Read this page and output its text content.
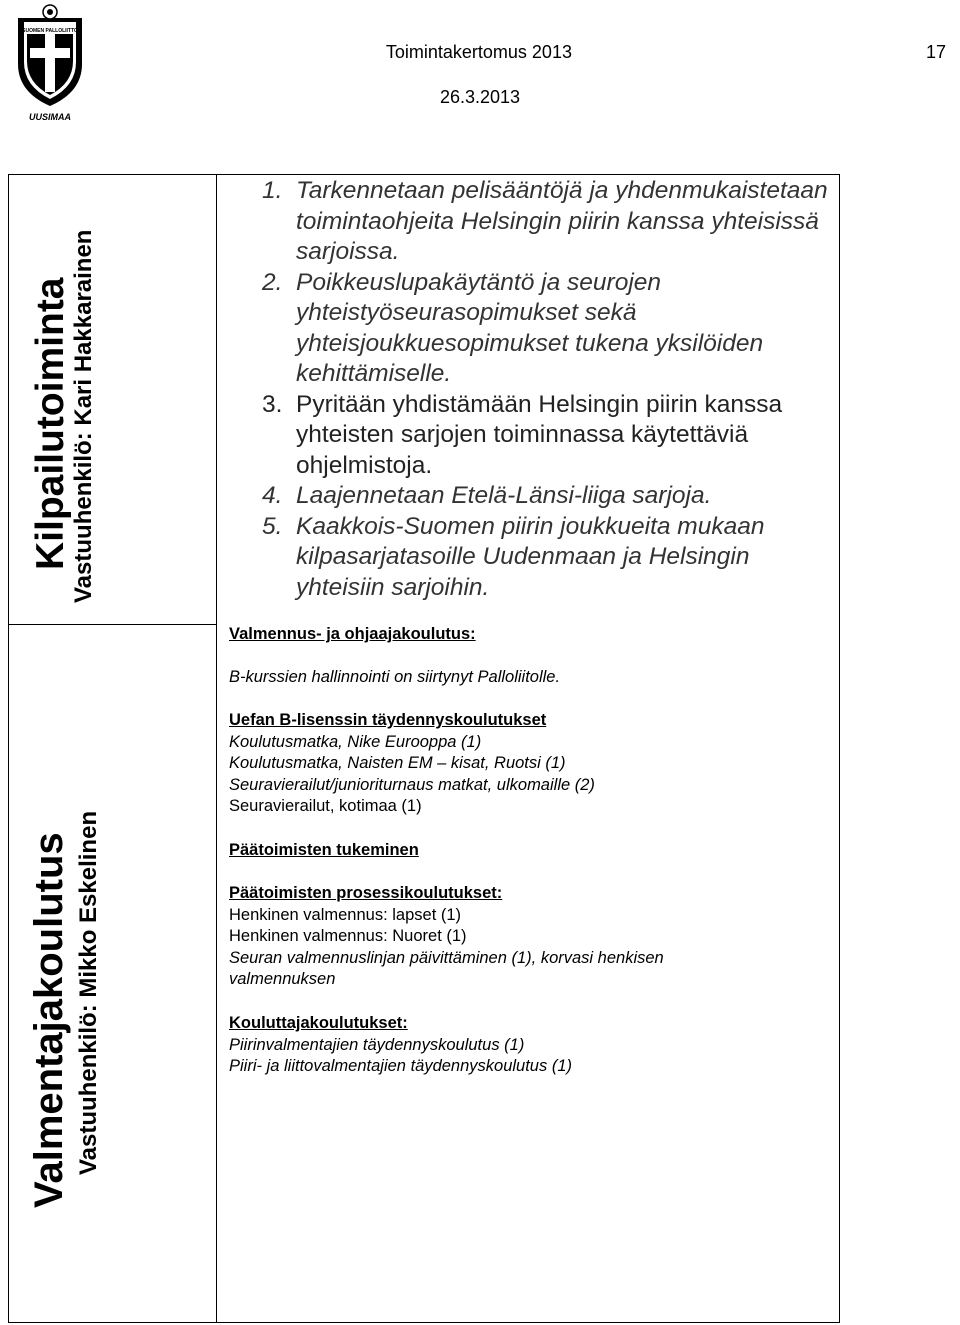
SUOMEN PALLOLIITTO
UUSIMAA
Toimintakertomus 2013	17
26.3.2013
Kilpailutoiminta
Vastuuhenkilö: Kari Hakkarainen
Valmentajakoulutus Vastuuhenkilö: Mikko Eskelinen
1. Tarkennetaan pelisääntöjä ja yhdenmukaistetaan toimintaohjeita Helsingin piirin kanssa yhteisissä sarjoissa.
2. Poikkeuslupakäytäntö ja seurojen yhteistyöseurasopimukset sekä yhteisjoukkuesopimukset tukena yksilöiden kehittämiselle.
3. Pyritään yhdistämään Helsingin piirin kanssa yhteisten sarjojen toiminnassa käytettäviä ohjelmistoja.
4. Laajennetaan Etelä-Länsi-liiga sarjoja.
5. Kaakkois-Suomen piirin joukkueita mukaan kilpasarjatasoille Uudenmaan ja Helsingin yhteisiin sarjoihin.
Valmennus- ja ohjaajakoulutus:
B-kurssien hallinnointi on siirtynyt Palloliitolle.
Uefan B-lisenssin täydennyskoulutukset
Koulutusmatka, Nike Eurooppa (1)
Koulutusmatka, Naisten EM – kisat, Ruotsi (1)
Seuravierailut/junioriturnaus matkat, ulkomaille (2)
Seuravierailut, kotimaa (1)
Päätoimisten tukeminen
Päätoimisten prosessikoulutukset:
Henkinen valmennus: lapset (1)
Henkinen valmennus: Nuoret (1)
Seuran valmennuslinjan päivittäminen (1), korvasi henkisen valmennuksen
Kouluttajakoulutukset:
Piirinvalmentajien täydennyskoulutus (1)
Piiri- ja liittovalmentajien täydennyskoulutus (1)
